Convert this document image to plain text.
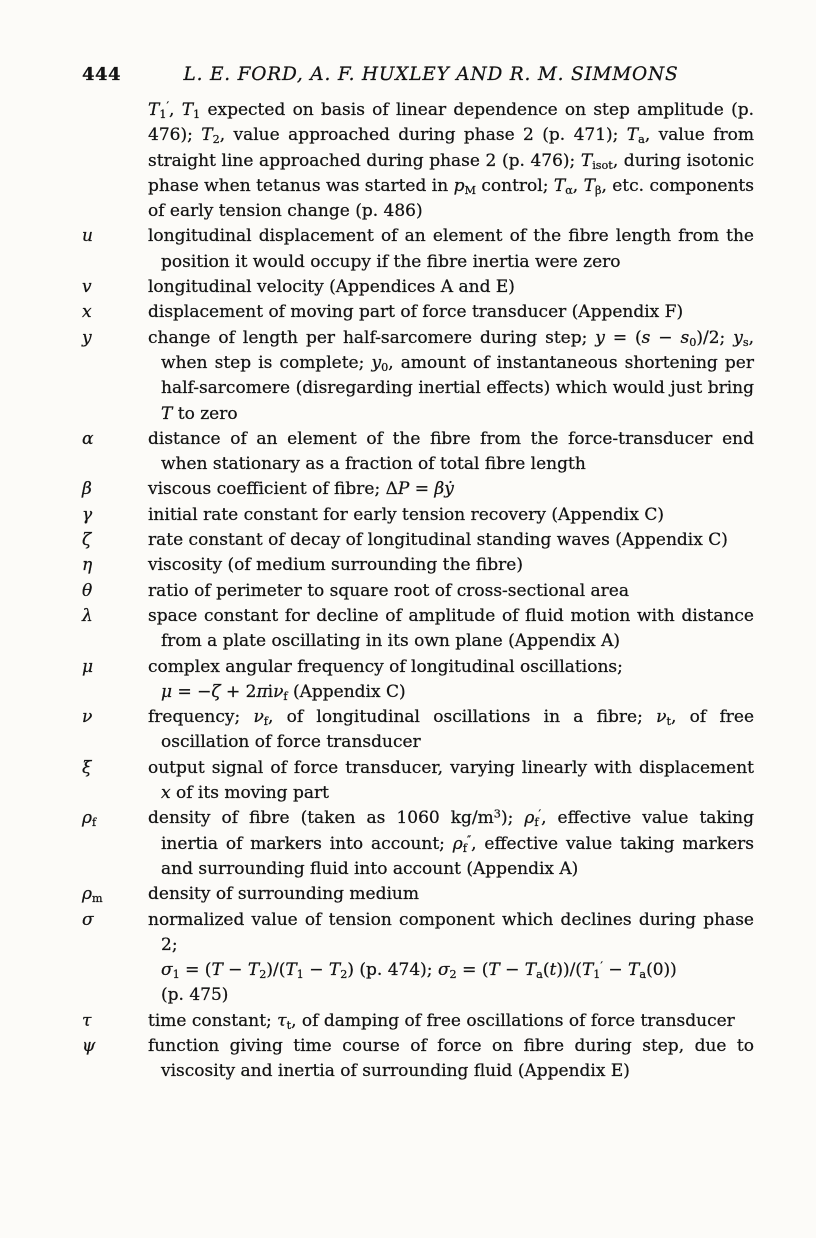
444	L. E. FORD, A. F. HUXLEY AND R. M. SIMMONS
$T_1'$, $T_1$ expected on basis of linear dependence on step amplitude (p. 476); $T_2$, value approached during phase 2 (p. 471); $T_a$, value from straight line approached during phase 2 (p. 476); $T_{isot}$, during isotonic phase when tetanus was started in $p_M$ control; $T_\alpha$, $T_\beta$, etc. components of early tension change (p. 486)
u	longitudinal displacement of an element of the fibre length from the position it would occupy if the fibre inertia were zero
v	longitudinal velocity (Appendices A and E)
x	displacement of moving part of force transducer (Appendix F)
y	change of length per half-sarcomere during step; $y = (s - s_0)/2$; $y_s$, when step is complete; $y_0$, amount of instantaneous shortening per half-sarcomere (disregarding inertial effects) which would just bring T to zero
α	distance of an element of the fibre from the force-transducer end when stationary as a fraction of total fibre length
β	viscous coefficient of fibre; ΔP = βẏ
γ	initial rate constant for early tension recovery (Appendix C)
ζ	rate constant of decay of longitudinal standing waves (Appendix C)
η	viscosity (of medium surrounding the fibre)
θ	ratio of perimeter to square root of cross-sectional area
λ	space constant for decline of amplitude of fluid motion with distance from a plate oscillating in its own plane (Appendix A)
μ	complex angular frequency of longitudinal oscillations;
μ = −ζ + 2πiν$_f$ (Appendix C)
ν	frequency; $\nu_f$, of longitudinal oscillations in a fibre; $\nu_t$, of free oscillation of force transducer
ξ	output signal of force transducer, varying linearly with displacement x of its moving part
$\rho_f$	density of fibre (taken as 1060 $kg/m^3$); $\rho_f'$, effective value taking inertia of markers into account; $\rho_f''$, effective value taking markers and surrounding fluid into account (Appendix A)
$\rho_m$	density of surrounding medium
σ	normalized value of tension component which declines during phase 2;
$\sigma_1 = (T - T_2)/(T_1 - T_2)$ (p. 474); $\sigma_2 = (T - T_a(t))/(T_1' - T_a(0))$
(p. 475)
τ	time constant; $\tau_t$, of damping of free oscillations of force transducer
ψ	function giving time course of force on fibre during step, due to viscosity and inertia of surrounding fluid (Appendix E)
